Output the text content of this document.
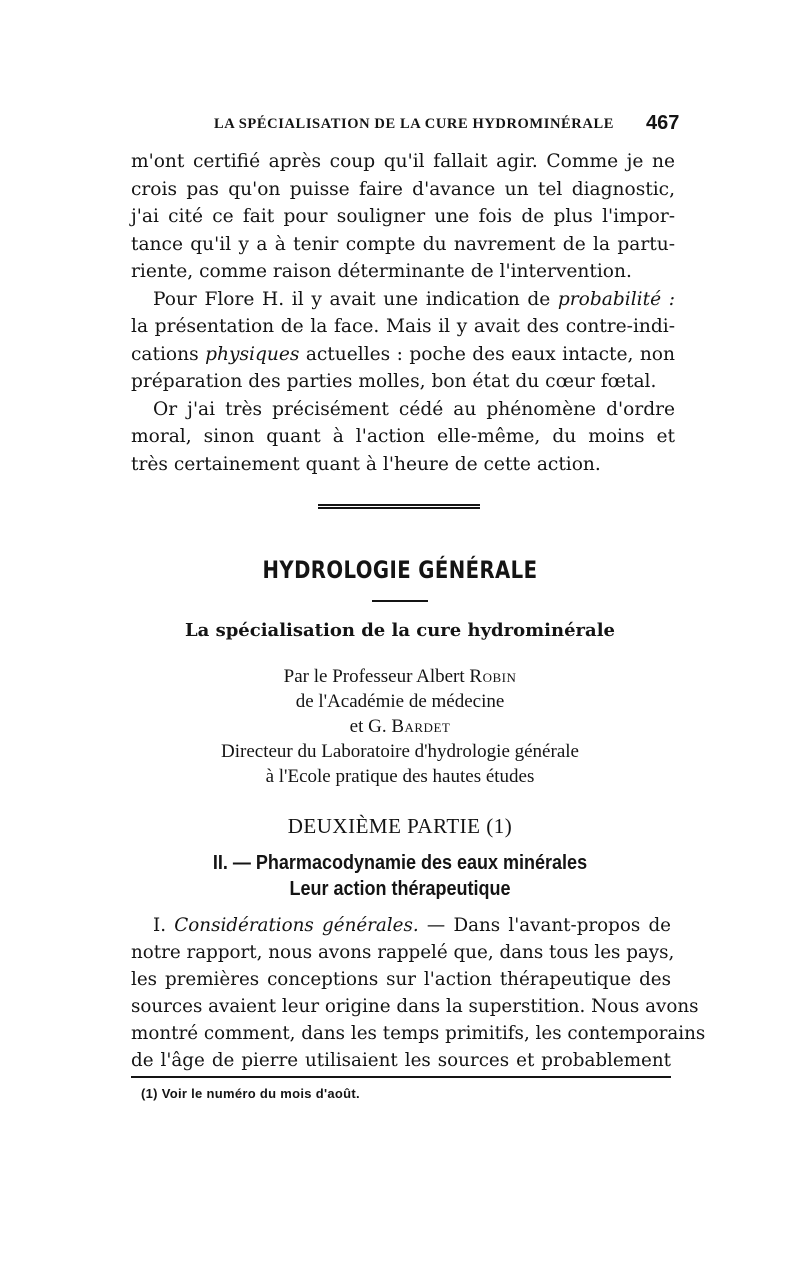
LA SPÉCIALISATION DE LA CURE HYDROMINÉRALE 467
m'ont certifié après coup qu'il fallait agir. Comme je ne
crois pas qu'on puisse faire d'avance un tel diagnostic,
j'ai cité ce fait pour souligner une fois de plus l'impor-
tance qu'il y a à tenir compte du navrement de la partu-
riente, comme raison déterminante de l'intervention.
Pour Flore H. il y avait une indication de probabilité :
la présentation de la face. Mais il y avait des contre-indi-
cations physiques actuelles : poche des eaux intacte, non
préparation des parties molles, bon état du cœur fœtal.
Or j'ai très précisément cédé au phénomène d'ordre
moral, sinon quant à l'action elle-même, du moins et
très certainement quant à l'heure de cette action.
HYDROLOGIE GÉNÉRALE
La spécialisation de la cure hydrominérale
Par le Professeur Albert Robin
de l'Académie de médecine
et G. Bardet
Directeur du Laboratoire d'hydrologie générale
à l'Ecole pratique des hautes études
DEUXIÈME PARTIE (1)
II. — Pharmacodynamie des eaux minérales
Leur action thérapeutique
I. Considérations générales. — Dans l'avant-propos de
notre rapport, nous avons rappelé que, dans tous les pays,
les premières conceptions sur l'action thérapeutique des
sources avaient leur origine dans la superstition. Nous avons
montré comment, dans les temps primitifs, les contemporains
de l'âge de pierre utilisaient les sources et probablement
(1) Voir le numéro du mois d'août.
